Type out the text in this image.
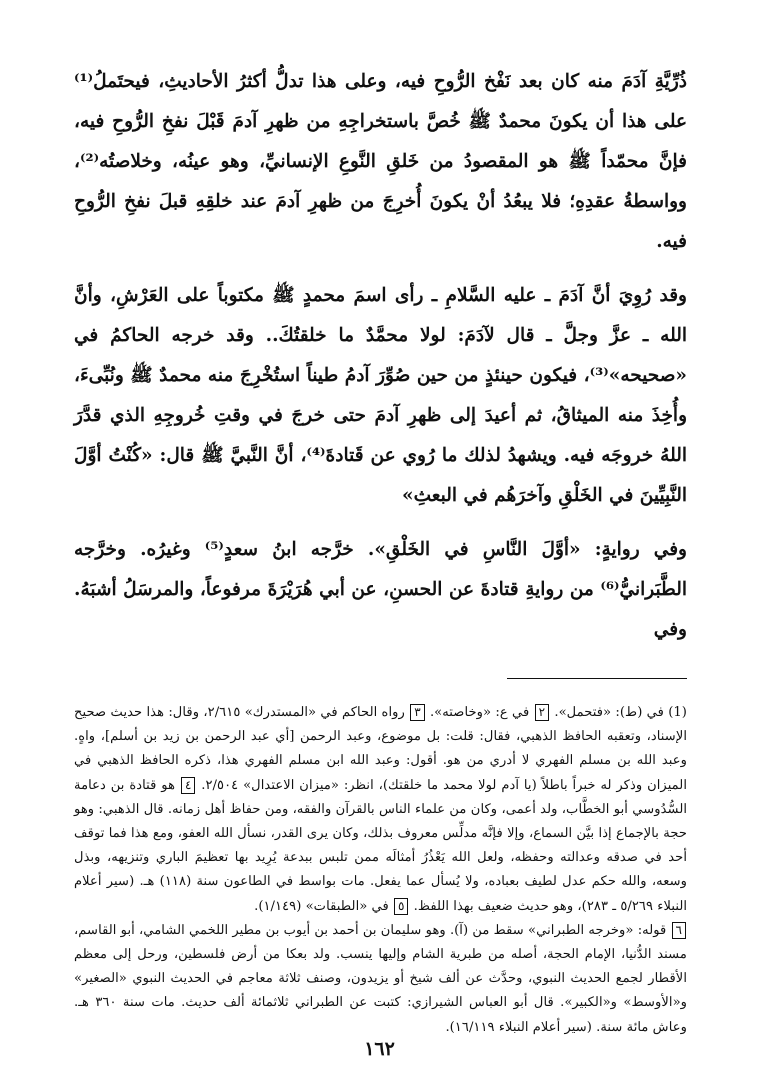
ذُرِّيَّةِ آدَمَ منه كان بعد نَفْخ الرُّوحِ فيه، وعلى هذا تدلُّ أكثرُ الأحاديثِ، فيحتَملُ⁽¹⁾ على هذا أن يكونَ محمدٌ ﷺ خُصَّ باستخراجِهِ من ظهرِ آدمَ قَبْلَ نفخِ الرُّوحِ فيه، فإنَّ محمّداً ﷺ هو المقصودُ من خَلقِ النَّوعِ الإنسانيِّ، وهو عينُه، وخلاصتُه⁽²⁾، وواسطةُ عقدِهِ؛ فلا يبعُدُ أنْ يكونَ أُخرِجَ من ظهرِ آدمَ عند خلقِهِ قبلَ نفخِ الرُّوحِ فيه.

وقد رُوِيَ أنَّ آدَمَ ـ عليه السَّلامِ ـ رأى اسمَ محمدٍ ﷺ مكتوباً على العَرْشِ، وأنَّ الله ـ عزَّ وجلَّ ـ قال لآدَمَ: لولا محمَّدٌ ما خلقتُكَ.. وقد خرجه الحاكمُ في «صحيحه»⁽³⁾، فيكون حينئذٍ من حين صُوِّرَ آدمُ طيناً استُخْرِجَ منه محمدٌ ﷺ ونُبِّىءَ، وأُخِذَ منه الميثاقُ، ثم أعيدَ إلى ظهرِ آدمَ حتى خرجَ في وقتِ خُروجِهِ الذي قدَّرَ اللهُ خروجَه فيه. ويشهدُ لذلك ما رُوي عن قَتادةَ⁽⁴⁾، أنَّ النَّبيَّ ﷺ قال: «كُنْتُ أوَّلَ النَّبِيِّينَ في الخَلْقِ وآخرَهُم في البعثِ»

وفي روايةٍ: «أوَّلَ النَّاسِ في الخَلْقِ». خرَّجه ابنُ سعدٍ⁽⁵⁾ وغيرُه. وخرَّجه الطَّبَرانيُّ⁽⁶⁾ من روايةِ قتادةَ عن الحسنِ، عن أبي هُرَيْرَةَ مرفوعاً، والمرسَلُ أشبَهُ. وفي

(1) في (ط): «فتحمل». ٢ في ع: «وخاصته». ٣ رواه الحاكم في «المستدرك» ٢/٦١٥، وقال: هذا حديث صحيح الإسناد، وتعقبه الحافظ الذهبي، فقال: قلت: بل موضوع، وعبد الرحمن [أي عبد الرحمن بن زيد بن أسلم]، واهٍ. وعبد الله بن مسلم الفهري لا أدري من هو. أقول: وعبد الله ابن مسلم الفهري هذا، ذكره الحافظ الذهبي في الميزان وذكر له خبراً باطلاً (يا آدم لولا محمد ما خلقتك)، انظر: «ميزان الاعتدال» ٢/٥٠٤. ٤ هو قتادة بن دعامة السُّدُوسي أبو الخطَّاب، ولد أعمى، وكان من علماء الناس بالقرآن والفقه، ومن حفاظ أهل زمانه. قال الذهبي: وهو حجة بالإجماع إذا بيَّن السماع، وإلا فإنَّه مدلِّس معروف بذلك، وكان يرى القدر، نسأل الله العفو، ومع هذا فما توقف أحد في صدقه وعدالته وحفظه، ولعل الله يَعْذُرُ أمثالَه ممن تلبس ببدعة يُرِيد بها تعظيمَ الباري وتنزيهه، وبذل وسعه، والله حكم عدل لطيف بعباده، ولا يُسأل عما يفعل. مات بواسط في الطاعون سنة (١١٨) هـ. (سير أعلام النبلاء ٥/٢٦٩ ـ ٢٨٣)، وهو حديث ضعيف بهذا اللفظ. ٥ في «الطبقات» (١/١٤٩).

٦ قوله: «وخرجه الطبراني» سقط من (آ). وهو سليمان بن أحمد بن أيوب بن مطير اللخمي الشامي، أبو القاسم، مسند الدُّنيا، الإمام الحجة، أصله من طبرية الشام وإليها ينسب. ولد بعكا من أرض فلسطين، ورحل إلى معظم الأقطار لجمع الحديث النبوي، وحدَّث عن ألف شيخ أو يزيدون، وصنف ثلاثة معاجم في الحديث النبوي «الصغير» و«الأوسط» و«الكبير». قال أبو العباس الشيرازي: كتبت عن الطبراني ثلاثمائة ألف حديث. مات سنة ٣٦٠ هـ. وعاش مائة سنة. (سير أعلام النبلاء ١٦/١١٩).

١٦٢
